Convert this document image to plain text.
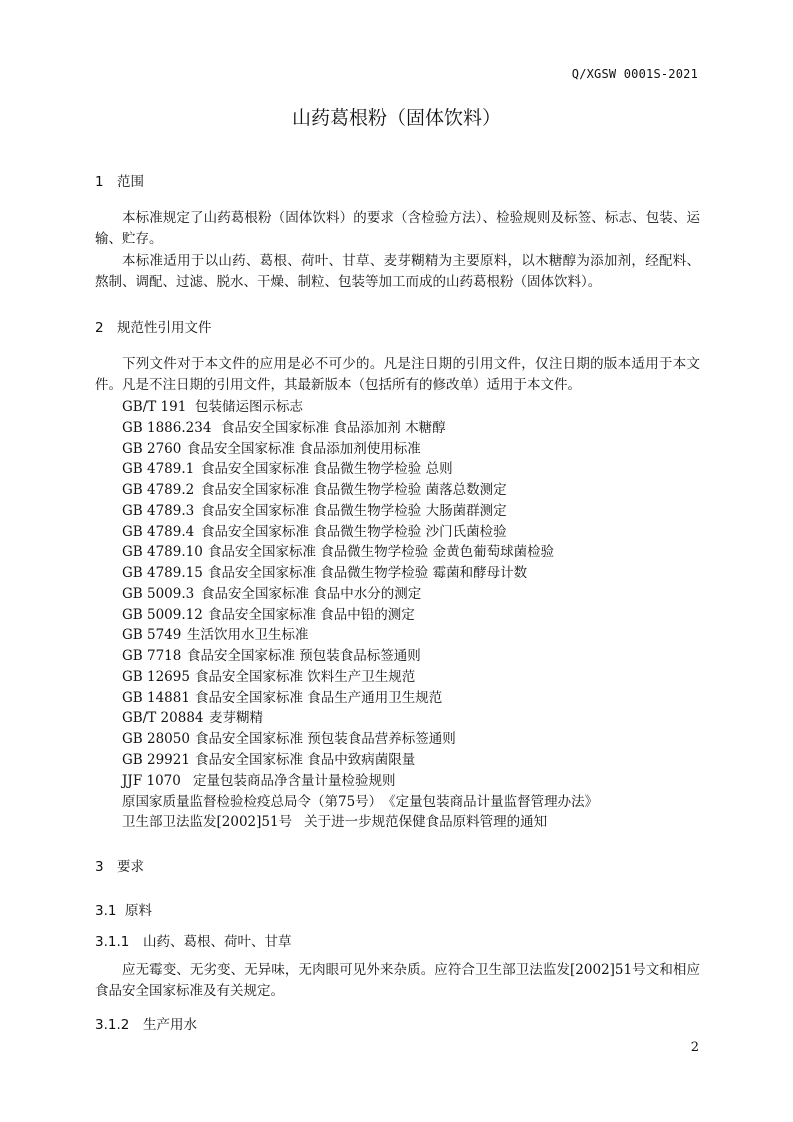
Q/XGSW 0001S-2021
山药葛根粉（固体饮料）
1 范围
本标准规定了山药葛根粉（固体饮料）的要求（含检验方法）、检验规则及标签、标志、包装、运输、贮存。
本标准适用于以山药、葛根、荷叶、甘草、麦芽糊精为主要原料，以木糖醇为添加剂，经配料、熬制、调配、过滤、脱水、干燥、制粒、包装等加工而成的山药葛根粉（固体饮料）。
2 规范性引用文件
下列文件对于本文件的应用是必不可少的。凡是注日期的引用文件，仅注日期的版本适用于本文件。凡是不注日期的引用文件，其最新版本（包括所有的修改单）适用于本文件。
GB/T 191 包装储运图示标志
GB 1886.234 食品安全国家标准 食品添加剂 木糖醇
GB 2760 食品安全国家标准 食品添加剂使用标准
GB 4789.1 食品安全国家标准 食品微生物学检验 总则
GB 4789.2 食品安全国家标准 食品微生物学检验 菌落总数测定
GB 4789.3 食品安全国家标准 食品微生物学检验 大肠菌群测定
GB 4789.4 食品安全国家标准 食品微生物学检验 沙门氏菌检验
GB 4789.10 食品安全国家标准 食品微生物学检验 金黄色葡萄球菌检验
GB 4789.15 食品安全国家标准 食品微生物学检验 霉菌和酵母计数
GB 5009.3 食品安全国家标准 食品中水分的测定
GB 5009.12 食品安全国家标准 食品中铅的测定
GB 5749 生活饮用水卫生标准
GB 7718 食品安全国家标准 预包装食品标签通则
GB 12695 食品安全国家标准 饮料生产卫生规范
GB 14881 食品安全国家标准 食品生产通用卫生规范
GB/T 20884 麦芽糊精
GB 28050 食品安全国家标准 预包装食品营养标签通则
GB 29921 食品安全国家标准 食品中致病菌限量
JJF 1070 定量包装商品净含量计量检验规则
原国家质量监督检验检疫总局令（第75号）《定量包装商品计量监督管理办法》
卫生部卫法监发[2002]51号 关于进一步规范保健食品原料管理的通知
3 要求
3.1 原料
3.1.1 山药、葛根、荷叶、甘草
应无霉变、无劣变、无异味，无肉眼可见外来杂质。应符合卫生部卫法监发[2002]51号文和相应食品安全国家标准及有关规定。
3.1.2 生产用水
2
